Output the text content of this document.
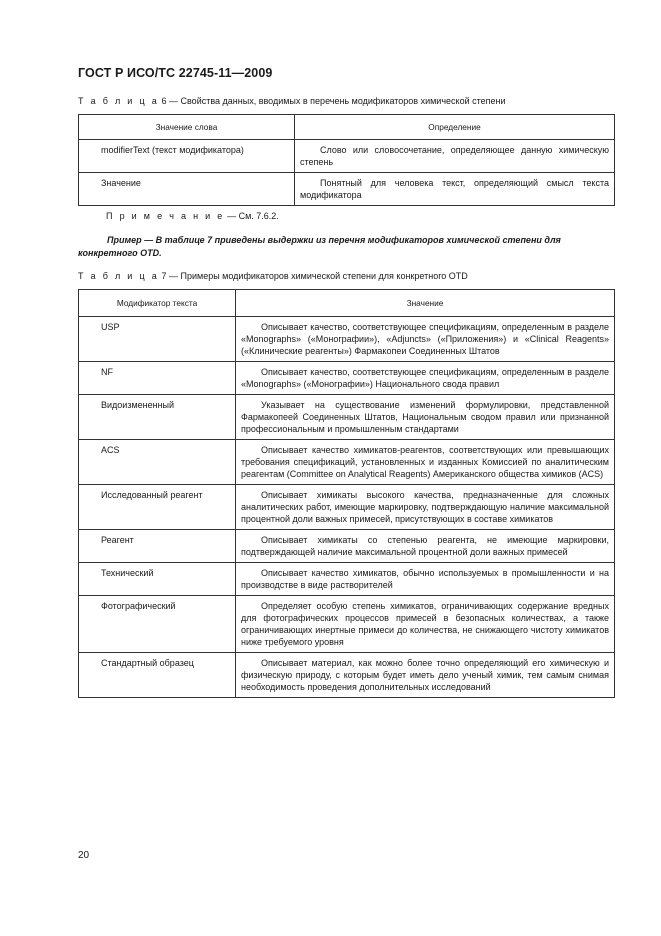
ГОСТ Р ИСО/ТС 22745-11—2009
Т а б л и ц а 6 — Свойства данных, вводимых в перечень модификаторов химической степени
Значение слова	Определение
modifierText (текст модификатора)	Слово или словосочетание, определяющее данную химическую степень
Значение	Понятный для человека текст, определяющий смысл текста модификатора
П р и м е ч а н и е — См. 7.6.2.
Пример — В таблице 7 приведены выдержки из перечня модификаторов химической степени для конкретного OTD.
Т а б л и ц а 7 — Примеры модификаторов химической степени для конкретного OTD
Модификатор текста	Значение
USP	Описывает качество, соответствующее спецификациям, определенным в разделе «Monographs» («Монографии»), «Adjuncts» («Приложения») и «Clinical Reagents» («Клинические реагенты») Фармакопеи Соединенных Штатов
NF	Описывает качество, соответствующее спецификациям, определенным в разделе «Monographs» («Монографии») Национального свода правил
Видоизмененный	Указывает на существование изменений формулировки, представленной Фармакопеей Соединенных Штатов, Национальным сводом правил или признанной профессиональным и промышленным стандартами
ACS	Описывает качество химикатов-реагентов, соответствующих или превышающих требования спецификаций, установленных и изданных Комиссией по аналитическим реагентам (Committee on Analytical Reagents) Американского общества химиков (ACS)
Исследованный реагент	Описывает химикаты высокого качества, предназначенные для сложных аналитических работ, имеющие маркировку, подтверждающую наличие максимальной процентной доли важных примесей, присутствующих в составе химикатов
Реагент	Описывает химикаты со степенью реагента, не имеющие маркировки, подтверждающей наличие максимальной процентной доли важных примесей
Технический	Описывает качество химикатов, обычно используемых в промышленности и на производстве в виде растворителей
Фотографический	Определяет особую степень химикатов, ограничивающих содержание вредных для фотографических процессов примесей в безопасных количествах, а также ограничивающих инертные примеси до количества, не снижающего чистоту химикатов ниже требуемого уровня
Стандартный образец	Описывает материал, как можно более точно определяющий его химическую и физическую природу, с которым будет иметь дело ученый химик, тем самым снимая необходимость проведения дополнительных исследований
20
